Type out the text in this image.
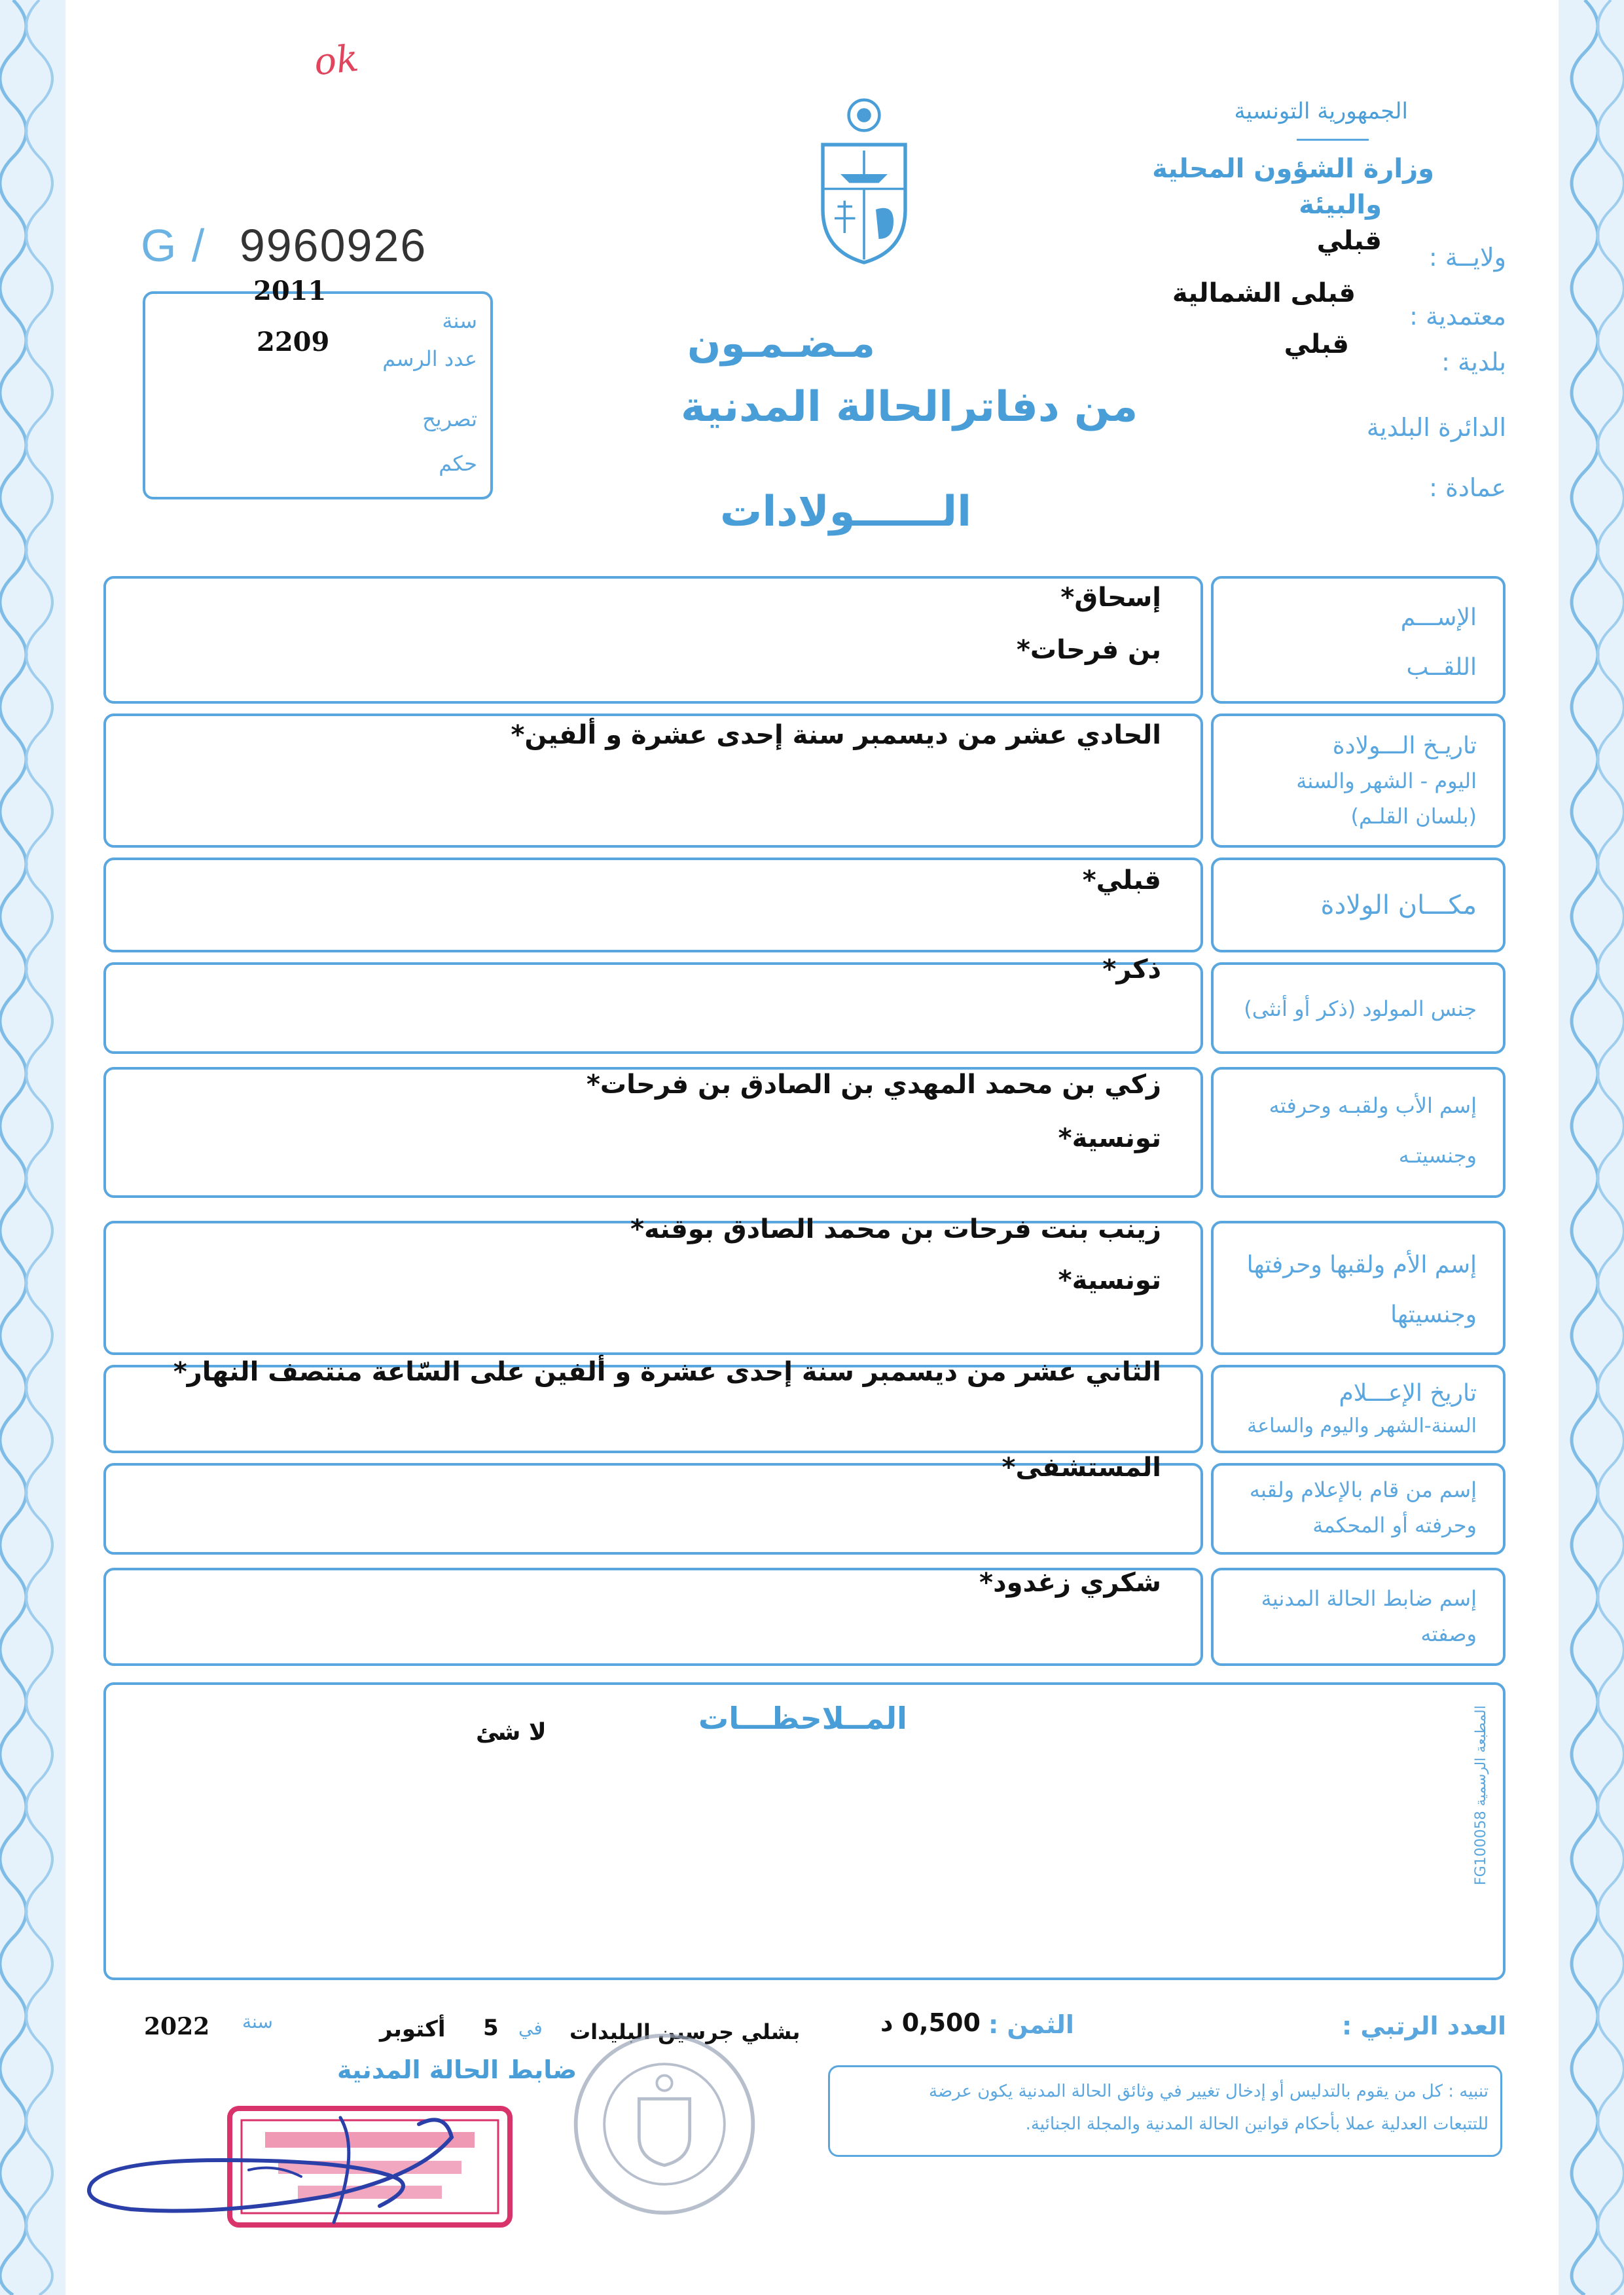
ok
الجمهورية التونسية
وزارة الشؤون المحلية
والبيئة
ولايــة :
قبلي
معتمدية :
قبلى الشمالية
بلدية :
قبلي
الدائرة البلدية
عمادة :
G / 9960926
2011
سنة
2209
عدد الرسم
تصريح
حكم
مـضـمـون
من دفاترالحالة المدنية
الــــــولادات
إسحاق*
بن فرحات*
الإســـم
اللقــب
الحادي عشر من ديسمبر سنة إحدى عشرة و ألفين*	تاريـخ الـــولادة
اليوم - الشهر والسنة
(بلسان القلـم)
قبلي*
مكـــان الولادة
ذكر*
جنس المولود (ذكر أو أنثى)
زكي بن محمد المهدي بن الصادق بن فرحات*
تونسية*
إسم الأب ولقبـه وحرفته
وجنسيتـه
زينب بنت فرحات بن محمد الصادق بوقنه*
تونسية*
إسم الأم ولقبها وحرفتها
وجنسيتها
الثاني عشر من ديسمبر سنة إحدى عشرة و ألفين على السّاعة منتصف النهار*
تاريخ الإعـــلام
السنة-الشهر واليوم والساعة
المستشفى*
إسم من قام بالإعلام ولقبه
وحرفته أو المحكمة
شكري زغدود*
إسم ضابط الحالة المدنية
وصفته
المــلاحظـــات
لا شئ
المطبعة الرسمية FG100058
العدد الرتبي :
الثمن :
0,500 د
بشلي جرسين البليدات
في
5
أكتوبر
سنة
2022
ضابط الحالة المدنية
تنبيه : كل من يقوم بالتدليس أو إدخال تغيير في وثائق الحالة المدنية يكون عرضة
للتتبعات العدلية عملا بأحكام قوانين الحالة المدنية والمجلة الجنائية.
